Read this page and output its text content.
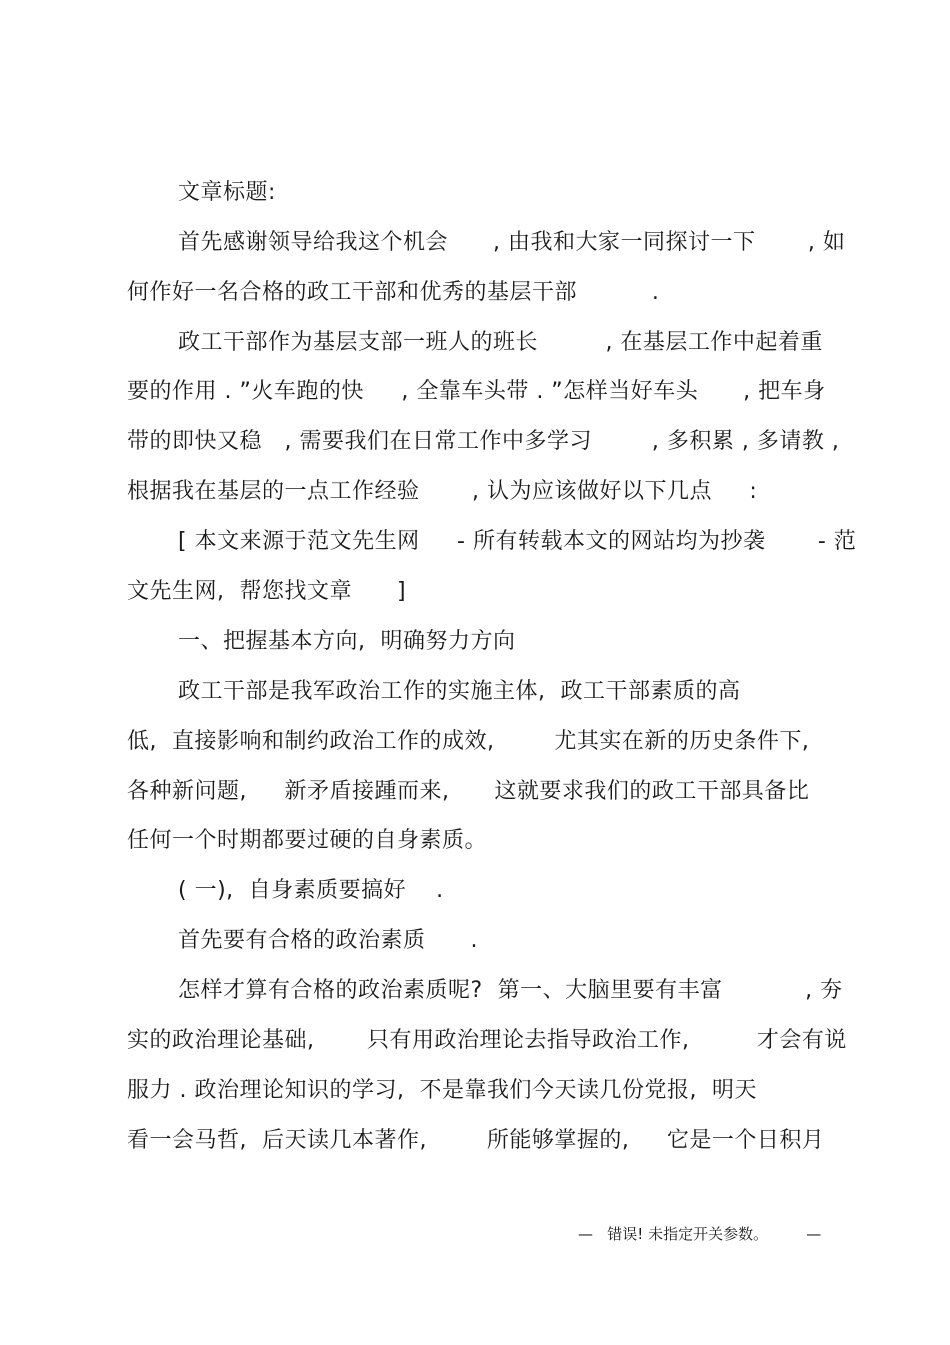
文章标题:
首先感谢领导给我这个机会      , 由我和大家一同探讨一下       , 如
何作好一名合格的政工干部和优秀的基层干部          .
政工干部作为基层支部一班人的班长         , 在基层工作中起着重
要的作用 . ”火车跑的快     , 全靠车头带 . ”怎样当好车头      , 把车身
带的即快又稳   , 需要我们在日常工作中多学习        , 多积累 , 多请教 ,
根据我在基层的一点工作经验       , 认为应该做好以下几点     :
[ 本文来源于范文先生网     - 所有转载本文的网站均为抄袭       - 范
文先生网,  帮您找文章      ]
一、把握基本方向,  明确努力方向
政工干部是我军政治工作的实施主体,  政工干部素质的高
低,  直接影响和制约政治工作的成效,        尤其实在新的历史条件下,
各种新问题,     新矛盾接踵而来,      这就要求我们的政工干部具备比
任何一个时期都要过硬的自身素质。
( 一),  自身素质要搞好    .
首先要有合格的政治素质      .
怎样才算有合格的政治素质呢?  第一、大脑里要有丰富           , 夯
实的政治理论基础,       只有用政治理论去指导政治工作,         才会有说
服力 . 政治理论知识的学习,  不是靠我们今天读几份党报,  明天
看一会马哲,  后天读几本著作,        所能够掌握的,     它是一个日积月
—   错误! 未指定开关参数。        —
